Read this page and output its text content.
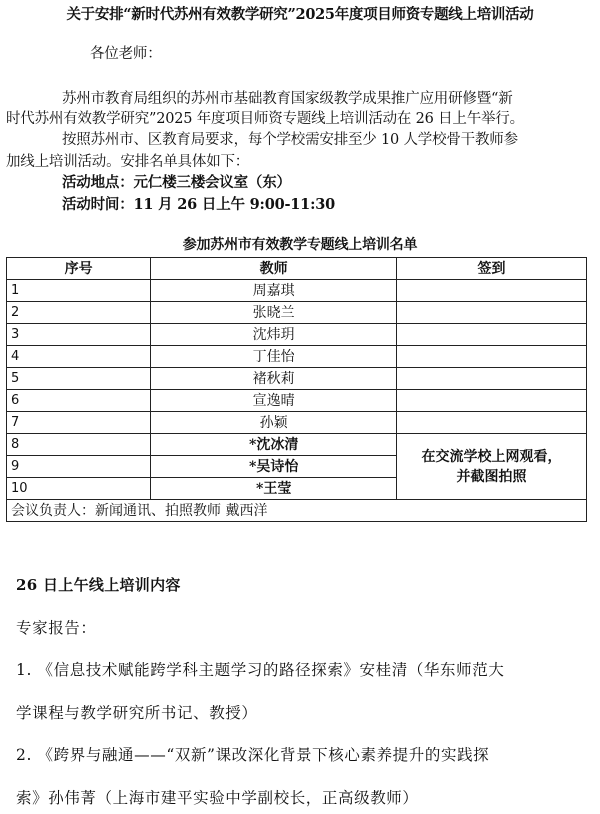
关于安排“新时代苏州有效教学研究”2025年度项目师资专题线上培训活动
各位老师：
苏州市教育局组织的苏州市基础教育国家级教学成果推广应用研修暨“新
时代苏州有效教学研究”2025 年度项目师资专题线上培训活动在 26 日上午举行。
按照苏州市、区教育局要求，每个学校需安排至少 10 人学校骨干教师参
加线上培训活动。安排名单具体如下：
活动地点：元仁楼三楼会议室（东）
活动时间：11 月 26 日上午 9:00-11:30
参加苏州市有效教学专题线上培训名单
序号	教师	签到
1	周嘉琪	
2	张晓兰	
3	沈炜玥	
4	丁佳怡	
5	褚秋莉	
6	宣逸晴	
7	孙颖	
8	*沈冰清	在交流学校上网观看，
并截图拍照

9	*吴诗怡	
10	*王莹	
会议负责人：新闻通讯、拍照教师 戴西洋		
26 日上午线上培训内容
专家报告：
1. 《信息技术赋能跨学科主题学习的路径探索》安桂清（华东师范大
学课程与教学研究所书记、教授）
2. 《跨界与融通——“双新”课改深化背景下核心素养提升的实践探
索》孙伟菁（上海市建平实验中学副校长，正高级教师）
